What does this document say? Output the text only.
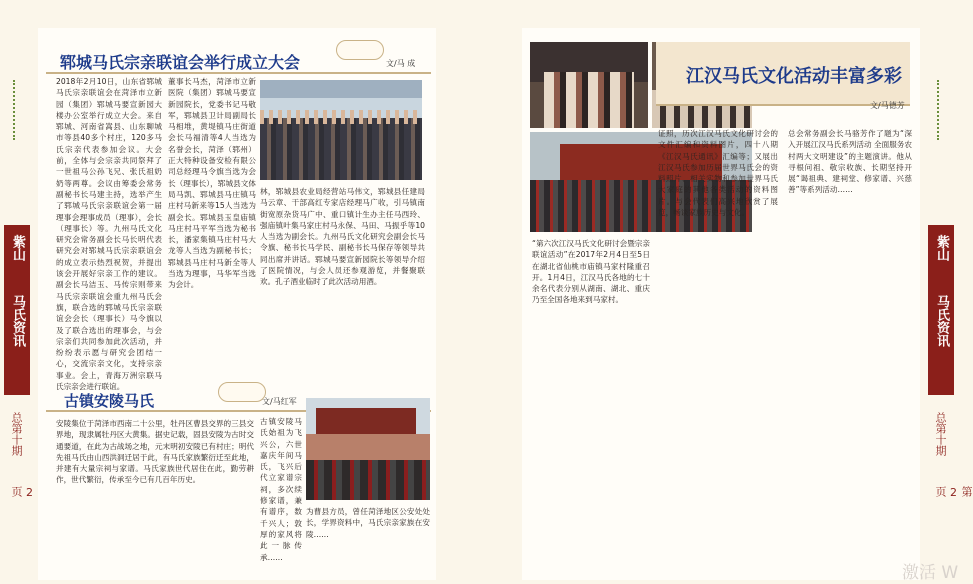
紫山
马氏资讯
总第十期
2页
紫山
马氏资讯
总第十期
第2页
郓城马氏宗亲联谊会举行成立大会	文/马 成
2018年2月10日，山东省郓城马氏宗亲联谊会在菏泽市立新园（集团）郓城马要宣新园大楼办公室举行成立大会。来自郓城、河南省嵩县、山东聊城市等县40多个村庄，120多马氏宗亲代表参加会议。大会前，全体与会宗亲共同祭拜了一世祖马公孙飞兄、张氏祖奶奶等两尊。会议由筹委会常务副秘书长马建主持，选举产生了郓城马氏宗亲联谊会第一届理事会理事成员（理事），会长（理事长）等。九州马氏文化研究会常务副会长马长明代表研究会对郓城马氏宗亲联谊会的成立表示热烈祝贺，并提出该会开展好宗亲工作的建议。副会长马洁玉、马传宗则带来马氏宗亲联谊会重九州马氏会旗，联合选的郓城马氏宗亲联谊会会长（理事长）马令旗以及了联合选出的理事会，与会宗亲们共同参加此次活动，并纷纷表示愿与研究会团结一心，交流宗亲文化，支持宗亲事业。会上，青海万洲宗联马氏宗亲会进行联谊。
董事长马杰，菏泽市立新医院（集团）郓城马要宣新园院长，党委书记马敬军，郓城县卫计局副局长马相堆，黄堤镇马庄街道会长马福清等4人当选为名誉会长，菏泽（郓州）正大特种设备安检有限公司总经理马令旗当选为会长（理事长），郓城县文体局马凯、郓城县马庄镇马庄村马新来等15人当选为副会长。郓城县玉皇庙镇马庄村马平军当选为秘书长，潘家集镇马庄村马大龙等人当选为副秘书长；郓城县马庄村马新全等人当选为理事，马华军当选为会计。
林，郓城县农业局经营站马伟文，郓城县任建局马云章、干部高红专家店经理马广收，引马镇南街宽原杂货马广中、重口镇计生办主任马西玲、强庙镇叶集马家庄村马永保、马田、马振乎等10人当选为副会长。九州马氏文化研究会副会长马令旗、秘书长马学民、副秘书长马保存等领导共同出席并讲话。郓城马要宣新园院长等领导介绍了医院情况，与会人员还参观游览，并餐聚联欢。孔子酒业临时了此次活动用酒。
古镇安陵马氏	文/马红军
安陵集位于菏泽市西南二十公里，牡丹区曹县交界的三县交界地，现隶属牡丹区大黄集。据史记载，固县安陵为古时交通要道，在此为古战场之地，元末明初安陵已有村庄；明代先祖马氏由山西洪洞迁居于此，有马氏家族繁衍迁至此地，并建有大量宗祠与家谱。马氏家族世代居住在此，勤劳耕作，世代繁衍，传承至今已有几百年历史。
古镇安陵马氏始祖为飞兴公，六世嘉庆年间马氏，飞兴后代立家谱宗祠，多次续修家谱，兼有谱序，数千兴人；敦厚的家风将此一脉传承……
为曹县方员，曾任菏泽地区公安处处长，学界资料中，马氏宗亲家族在安陵……
江汉马氏文化活动丰富多彩
文/马德芳
“第六次江汉马氏文化研讨会暨宗亲联谊活动”在2017年2月4日至5日在湖北省仙桃市庙镇马家村隆重召开。1月4日，江汉马氏各地的七十余名代表分别从湖南、湖北、重庆乃至全国各地来到马家村。
证照，历次江汉马氏文化研讨会的文件汇编和资料图片，四十八期《江汉马氏通讯》汇编等；又展出江汉马氏参加历届世界马氏会的资料照片、相关实物和参加世界马氏大家庭的其他各类活动的资料图片。与会代表们高兴地欣赏了展览，畅谈家族历史与文化。
总会常务副会长马骆芳作了题为“深入开展江汉马氏系列活动 全面服务农村两大文明建设”的主题演讲。他从寻根问祖、敬宗收族、长期坚持开展“谒祖典、建祠堂、修家谱、兴慈善”等系列活动……
激活 W
